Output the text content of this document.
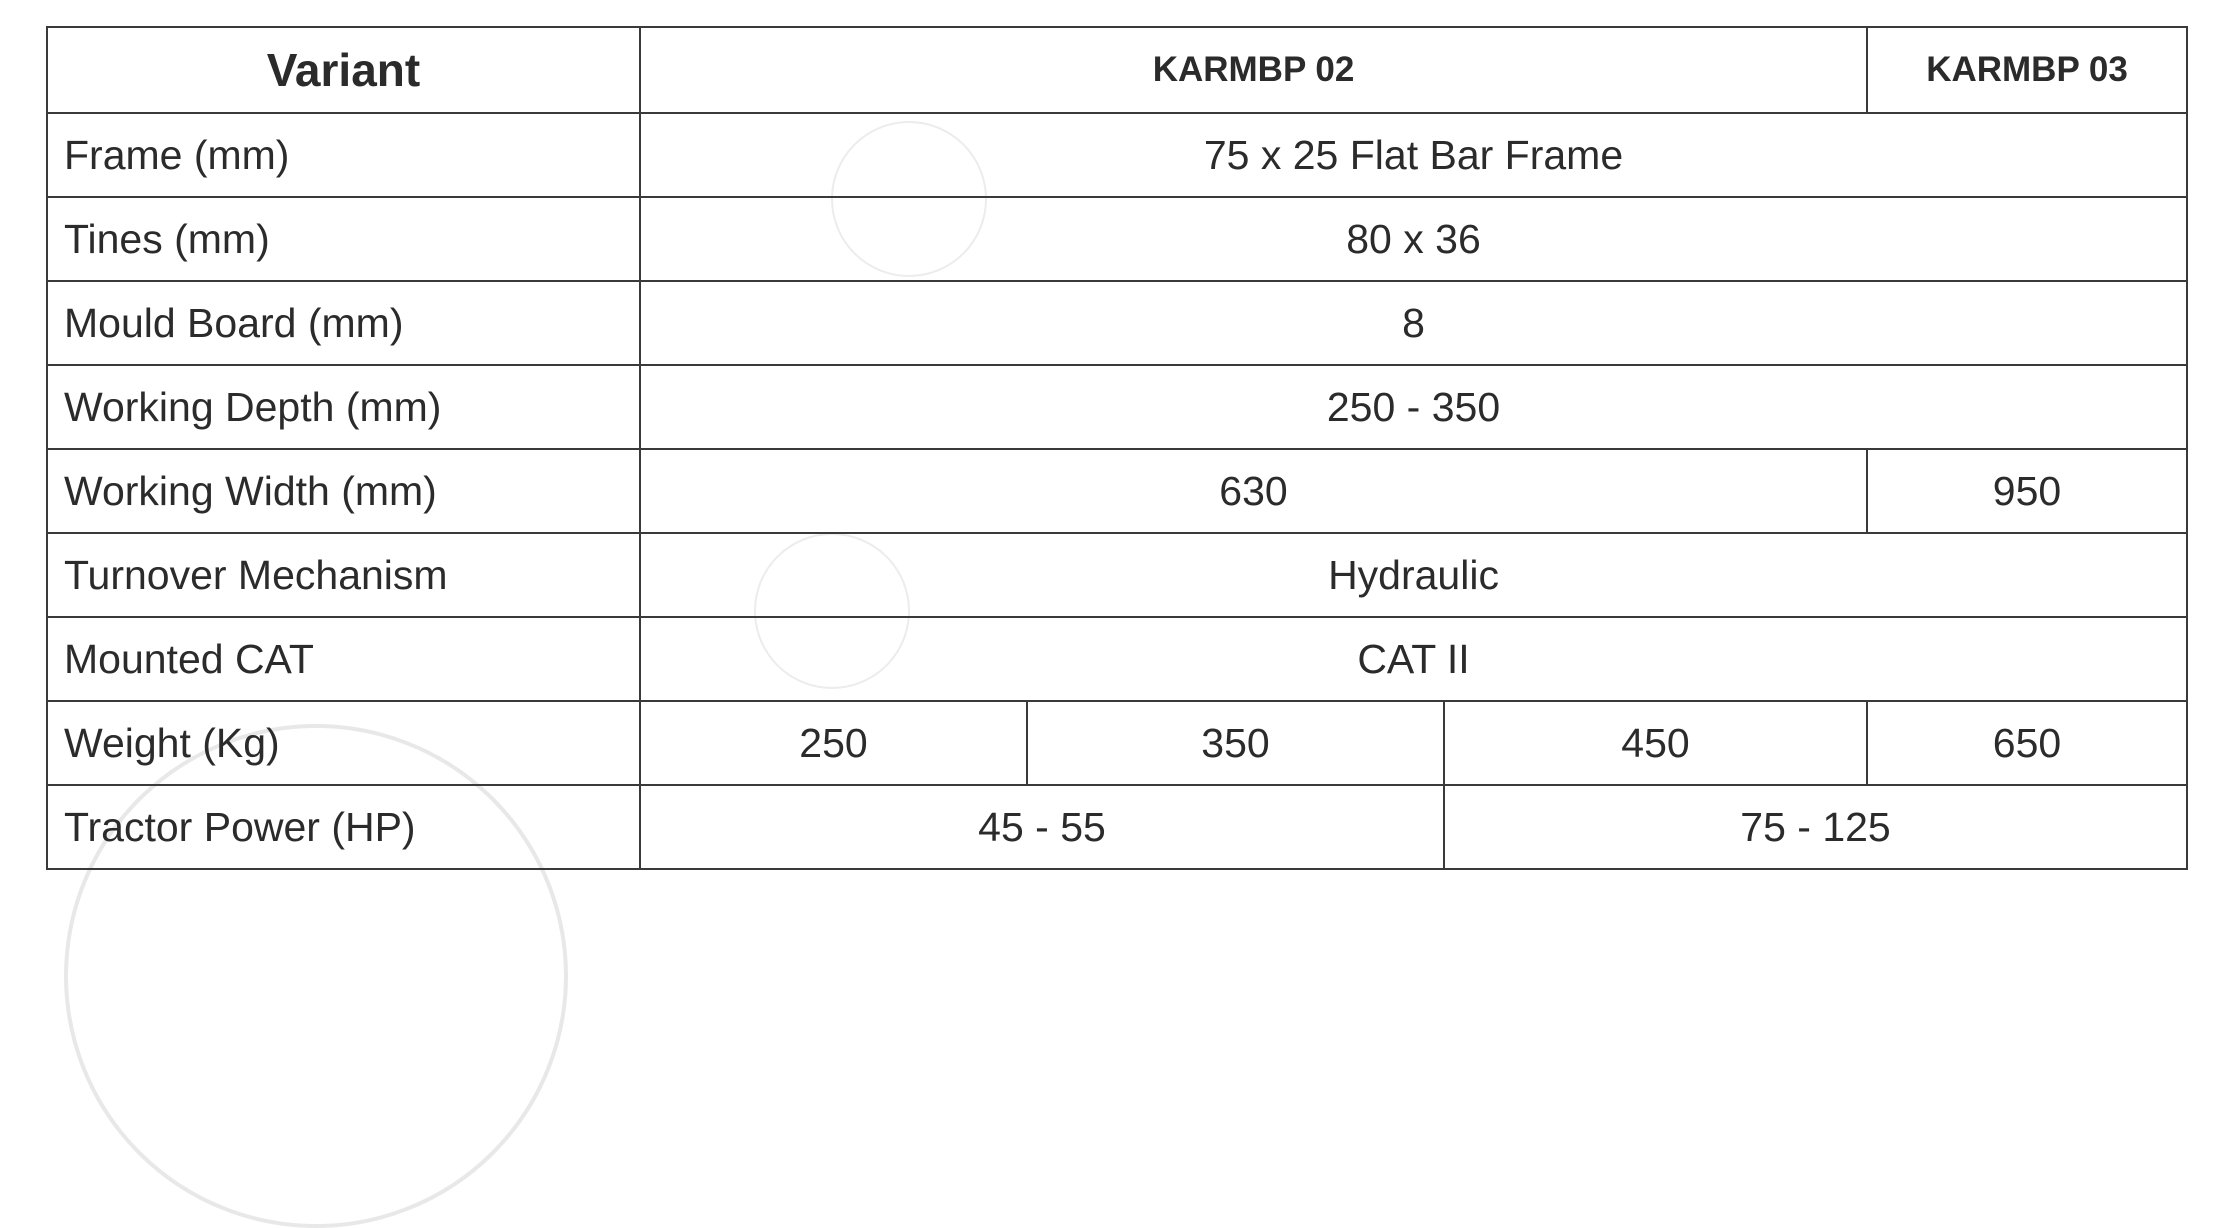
Variant	KARMBP 02			KARMBP 03
Frame (mm)	75 x 25 Flat Bar Frame			
Tines (mm)	80 x 36			
Mould Board (mm)	8			
Working Depth (mm)	250 - 350			
Working Width (mm)	630			950
Turnover Mechanism	Hydraulic			
Mounted CAT	CAT II			
Weight (Kg)	250	350	450	650
Tractor Power (HP)	45 - 55		75 - 125	
